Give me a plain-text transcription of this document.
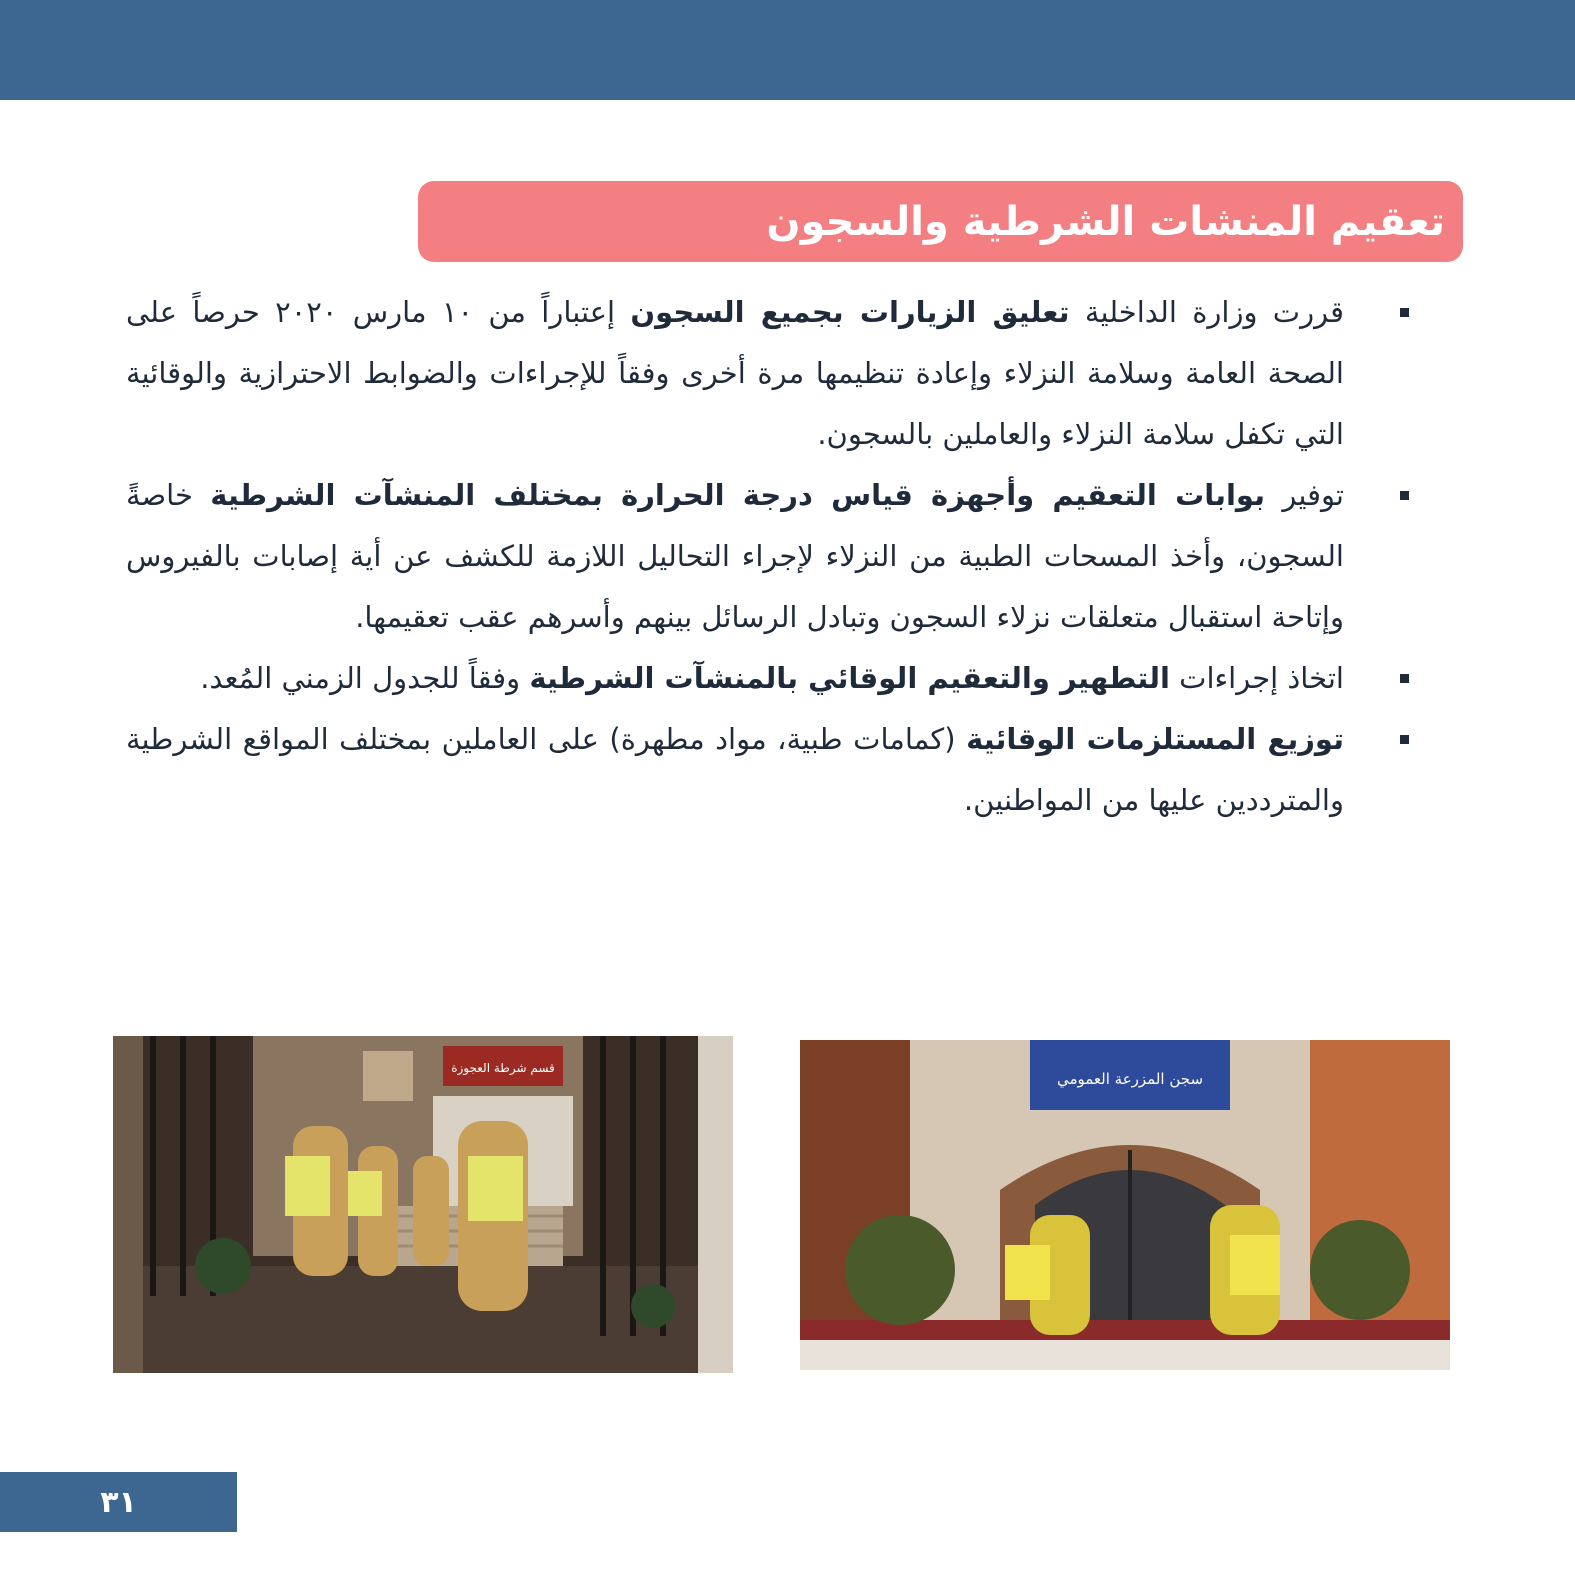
تعقيم المنشات الشرطية والسجون
قررت وزارة الداخلية تعليق الزيارات بجميع السجون إعتباراً من ١٠ مارس ٢٠٢٠ حرصاً على الصحة العامة وسلامة النزلاء وإعادة تنظيمها مرة أخرى وفقاً للإجراءات والضوابط الاحترازية والوقائية التي تكفل سلامة النزلاء والعاملين بالسجون.
توفير بوابات التعقيم وأجهزة قياس درجة الحرارة بمختلف المنشآت الشرطية خاصةً السجون، وأخذ المسحات الطبية من النزلاء لإجراء التحاليل اللازمة للكشف عن أية إصابات بالفيروس وإتاحة استقبال متعلقات نزلاء السجون وتبادل الرسائل بينهم وأسرهم عقب تعقيمها.
اتخاذ إجراءات التطهير والتعقيم الوقائي بالمنشآت الشرطية وفقاً للجدول الزمني المُعد.
توزيع المستلزمات الوقائية (كمامات طبية، مواد مطهرة) على العاملين بمختلف المواقع الشرطية والمترددين عليها من المواطنين.
قسم شرطة العجوزة
سجن المزرعة العمومي
٣١
